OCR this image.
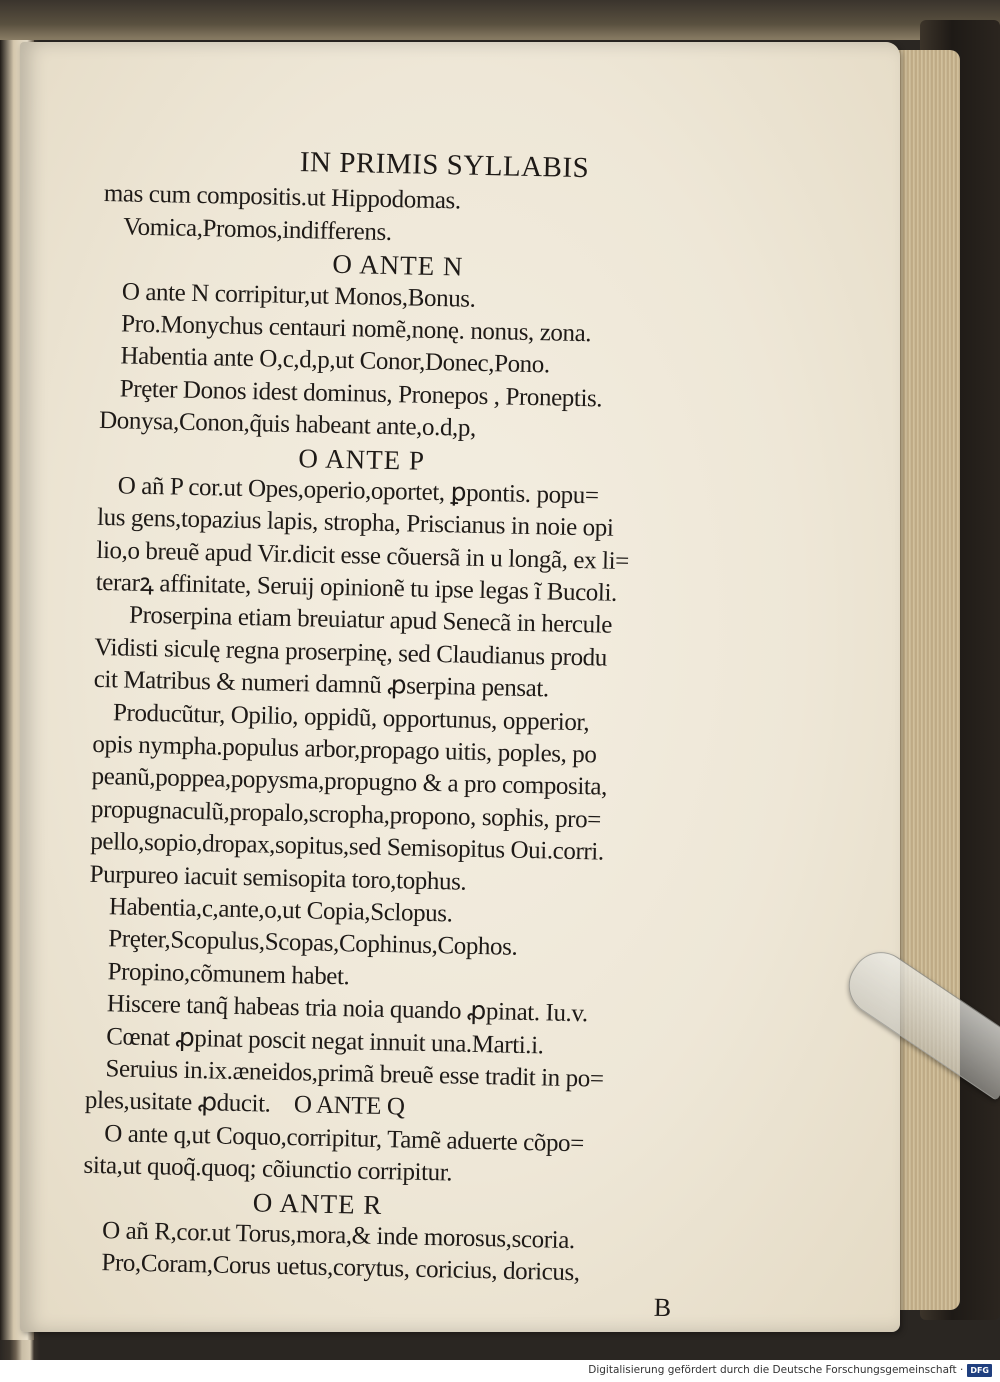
IN PRIMIS SYLLABIS
mas cum compositis.ut Hippodomas.
Vomica,Promos,indifferens.
O ANTE N
O ante N corripitur,ut Monos,Bonus.
Pro.Monychus centauri nomẽ,nonę. nonus, zona.
Habentia ante O,c,d,p,ut Conor,Donec,Pono.
Prȩter Donos idest dominus, Pronepos , Proneptis.
Donysa,Conon,q̃uis habeant ante,o.d,p,
O ANTE P
O añ P cor.ut Opes,operio,oportet, ꝑpontis. popu=
lus gens,topazius lapis, stropha, Priscianus in noie opi
lio,o breuẽ apud Vir.dicit esse cõuersã in u longã, ex li=
terarꝝ affinitate, Seruij opinionẽ tu ipse legas ĩ Bucoli.
Proserpina etiam breuiatur apud Senecã in hercule
Vidisti siculę regna proserpinę, sed Claudianus produ
cit Matribus & numeri damnũ ꝓserpina pensat.
Producũtur, Opilio, oppidũ, opportunus, opperior,
opis nympha.populus arbor,propago uitis, poples, po
peanũ,poppea,popysma,propugno & a pro composita,
propugnaculũ,propalo,scropha,propono, sophis, pro=
pello,sopio,dropax,sopitus,sed Semisopitus Oui.corri.
Purpureo iacuit semisopita toro,tophus.
Habentia,c,ante,o,ut Copia,Sclopus.
Prȩter,Scopulus,Scopas,Cophinus,Cophos.
Propino,cõmunem habet.
Hiscere tanq̃ habeas tria noia quando ꝓpinat. Iu.v.
Cœnat ꝓpinat poscit negat innuit una.Marti.i.
Seruius in.ix.æneidos,primã breuẽ esse tradit in po=
ples,usitate ꝓducit.    O ANTE Q
O ante q,ut Coquo,corripitur, Tamẽ aduerte cõpo=
sita,ut quoq̃.quoq; cõiunctio corripitur.
O ANTE R
O añ R,cor.ut Torus,mora,& inde morosus,scoria.
Pro,Coram,Corus uetus,corytus, coricius, doricus,
B
Digitalisierung gefördert durch die Deutsche Forschungsgemeinschaft · DFG
